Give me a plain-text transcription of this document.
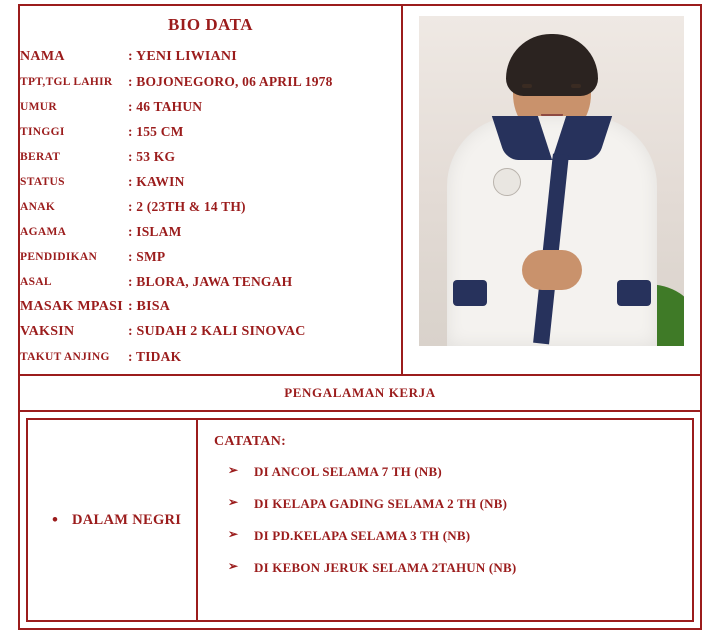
BIO DATA
NAMA	: YENI LIWIANI
TPT,TGL LAHIR	: BOJONEGORO, 06 APRIL 1978
UMUR	: 46 TAHUN
TINGGI	: 155 CM
BERAT	: 53 KG
STATUS	: KAWIN
ANAK	: 2 (23TH & 14 TH)
AGAMA	: ISLAM
PENDIDIKAN	: SMP
ASAL	: BLORA, JAWA TENGAH
MASAK MPASI	: BISA
VAKSIN	: SUDAH 2 KALI SINOVAC
TAKUT ANJING	: TIDAK
PENGALAMAN KERJA
• DALAM NEGRI
CATATAN:
➢ DI ANCOL SELAMA 7 TH (NB)
➢ DI KELAPA GADING SELAMA 2 TH (NB)
➢ DI PD.KELAPA SELAMA 3 TH (NB)
➢ DI KEBON JERUK SELAMA 2TAHUN (NB)
